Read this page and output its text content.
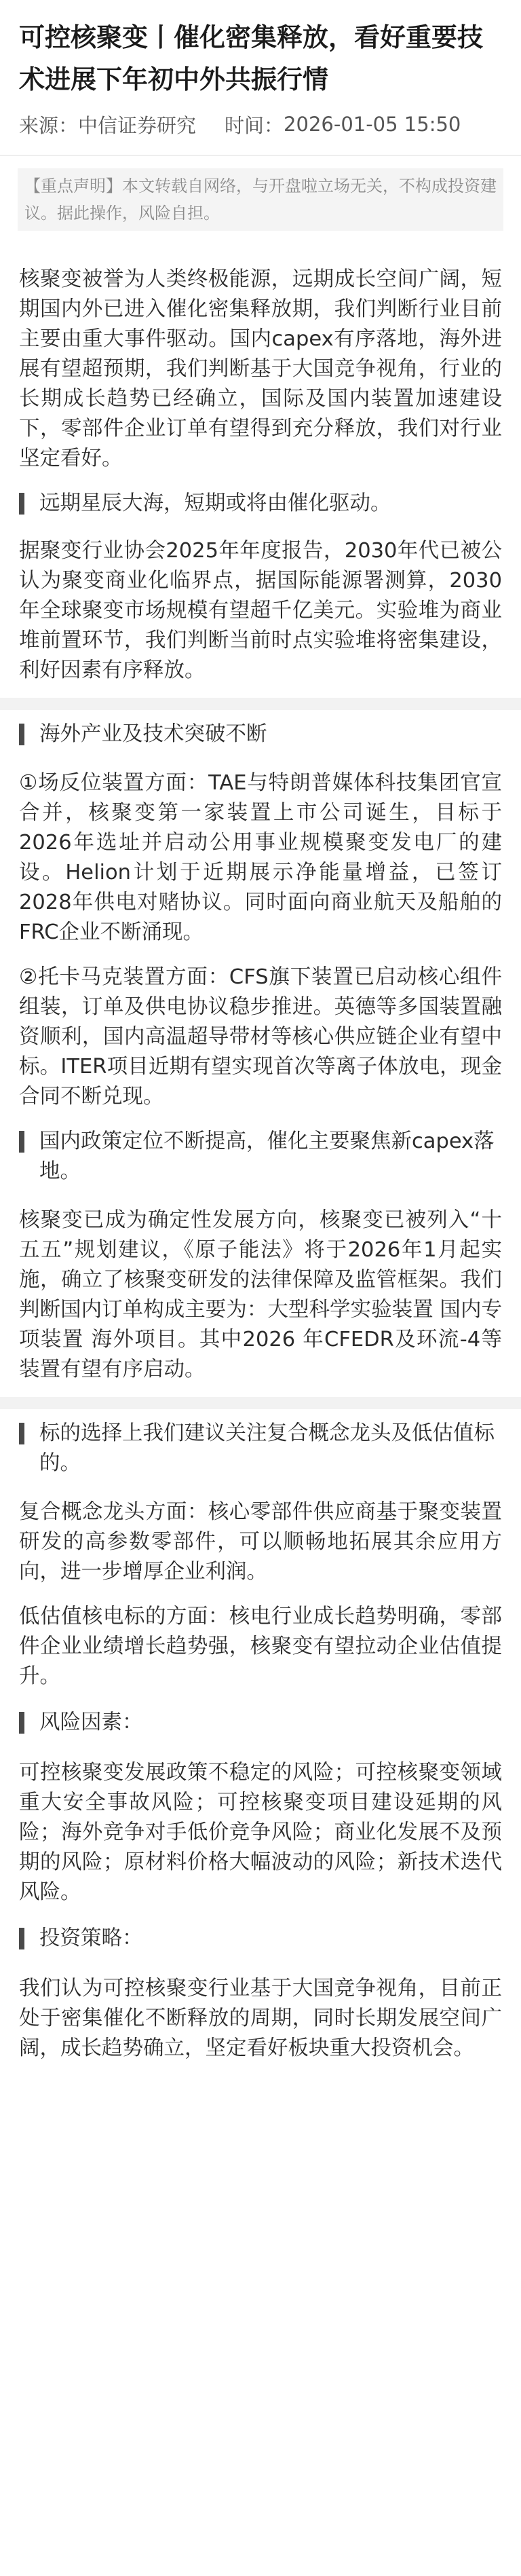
可控核聚变丨催化密集释放，看好重要技术进展下年初中外共振行情
来源： 中信证券研究 时间： 2026-01-05 15:50
【重点声明】本文转载自网络，与开盘啦立场无关，不构成投资建议。据此操作，风险自担。

核聚变被誉为人类终极能源，远期成长空间广阔，短期国内外已进入催化密集释放期，我们判断行业目前主要由重大事件驱动。国内capex有序落地，海外进展有望超预期，我们判断基于大国竞争视角，行业的长期成长趋势已经确立，国际及国内装置加速建设下，零部件企业订单有望得到充分释放，我们对行业坚定看好。

远期星辰大海，短期或将由催化驱动。

据聚变行业协会2025年年度报告，2030年代已被公认为聚变商业化临界点，据国际能源署测算，2030年全球聚变市场规模有望超千亿美元。实验堆为商业堆前置环节，我们判断当前时点实验堆将密集建设，利好因素有序释放。

海外产业及技术突破不断

①场反位装置方面：TAE与特朗普媒体科技集团官宣合并，核聚变第一家装置上市公司诞生，目标于2026年选址并启动公用事业规模聚变发电厂的建设。Helion计划于近期展示净能量增益，已签订2028年供电对赌协议。同时面向商业航天及船舶的FRC企业不断涌现。

②托卡马克装置方面：CFS旗下装置已启动核心组件组装，订单及供电协议稳步推进。英德等多国装置融资顺利，国内高温超导带材等核心供应链企业有望中标。ITER项目近期有望实现首次等离子体放电，现金合同不断兑现。

国内政策定位不断提高，催化主要聚焦新capex落地。

核聚变已成为确定性发展方向，核聚变已被列入“十五五”规划建议，《原子能法》将于2026年1月起实施，确立了核聚变研发的法律保障及监管框架。我们判断国内订单构成主要为：大型科学实验装置 国内专项装置 海外项目。其中2026 年CFEDR及环流-4等装置有望有序启动。

标的选择上我们建议关注复合概念龙头及低估值标的。

复合概念龙头方面：核心零部件供应商基于聚变装置研发的高参数零部件，可以顺畅地拓展其余应用方向，进一步增厚企业利润。

低估值核电标的方面：核电行业成长趋势明确，零部件企业业绩增长趋势强，核聚变有望拉动企业估值提升。

风险因素：

可控核聚变发展政策不稳定的风险；可控核聚变领域重大安全事故风险；可控核聚变项目建设延期的风险；海外竞争对手低价竞争风险；商业化发展不及预期的风险；原材料价格大幅波动的风险；新技术迭代风险。

投资策略：

我们认为可控核聚变行业基于大国竞争视角，目前正处于密集催化不断释放的周期，同时长期发展空间广阔，成长趋势确立，坚定看好板块重大投资机会。
